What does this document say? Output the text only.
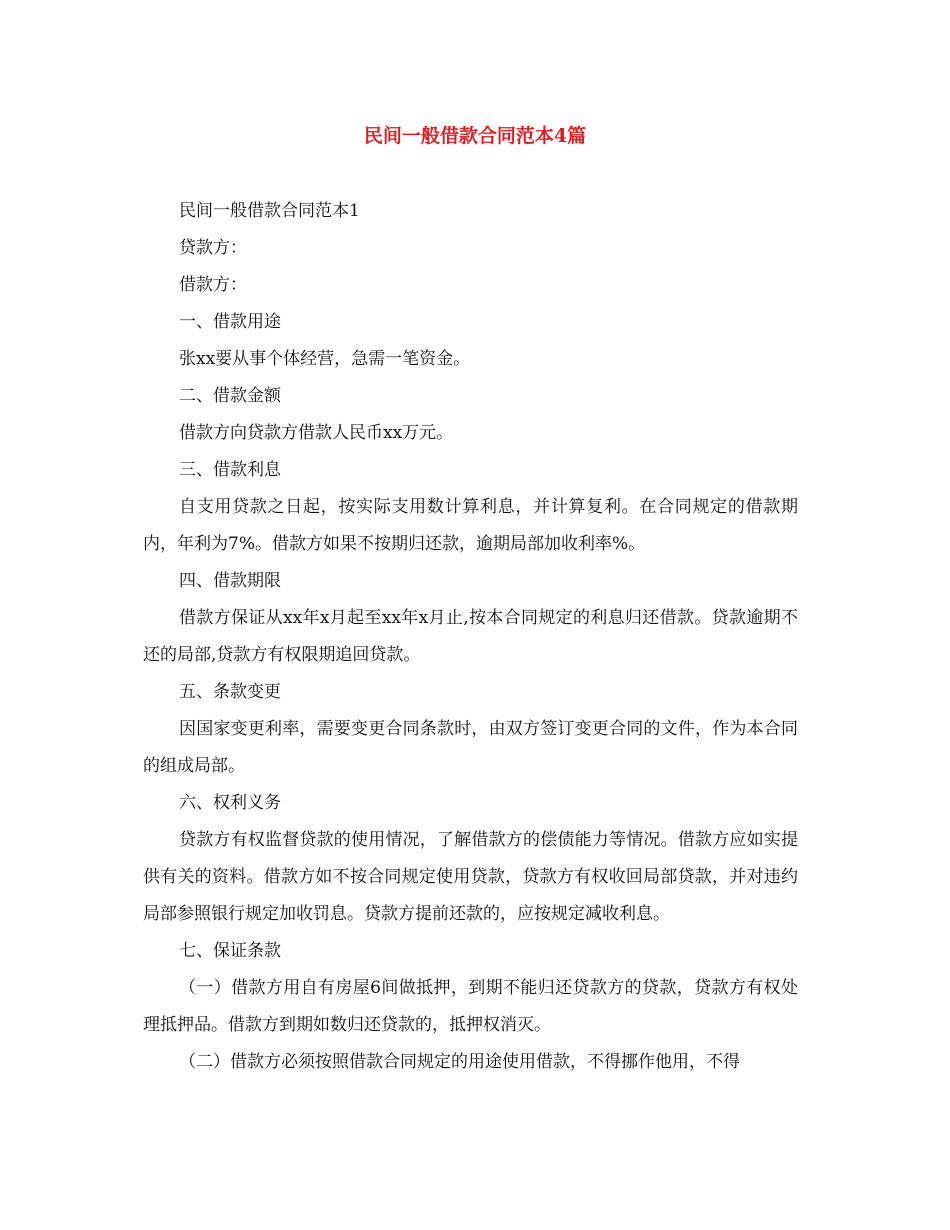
民间一般借款合同范本4篇

民间一般借款合同范本1

贷款方：

借款方：

一、借款用途

张xx要从事个体经营，急需一笔资金。

二、借款金额

借款方向贷款方借款人民币xx万元。

三、借款利息

自支用贷款之日起，按实际支用数计算利息，并计算复利。在合同规定的借款期内，年利为7%。借款方如果不按期归还款，逾期局部加收利率%。

四、借款期限

借款方保证从xx年x月起至xx年x月止,按本合同规定的利息归还借款。贷款逾期不还的局部,贷款方有权限期追回贷款。

五、条款变更

因国家变更利率，需要变更合同条款时，由双方签订变更合同的文件，作为本合同的组成局部。

六、权利义务

贷款方有权监督贷款的使用情况，了解借款方的偿债能力等情况。借款方应如实提供有关的资料。借款方如不按合同规定使用贷款，贷款方有权收回局部贷款，并对违约局部参照银行规定加收罚息。贷款方提前还款的，应按规定减收利息。

七、保证条款

（一）借款方用自有房屋6间做抵押，到期不能归还贷款方的贷款，贷款方有权处理抵押品。借款方到期如数归还贷款的，抵押权消灭。

（二）借款方必须按照借款合同规定的用途使用借款，不得挪作他用，不得
